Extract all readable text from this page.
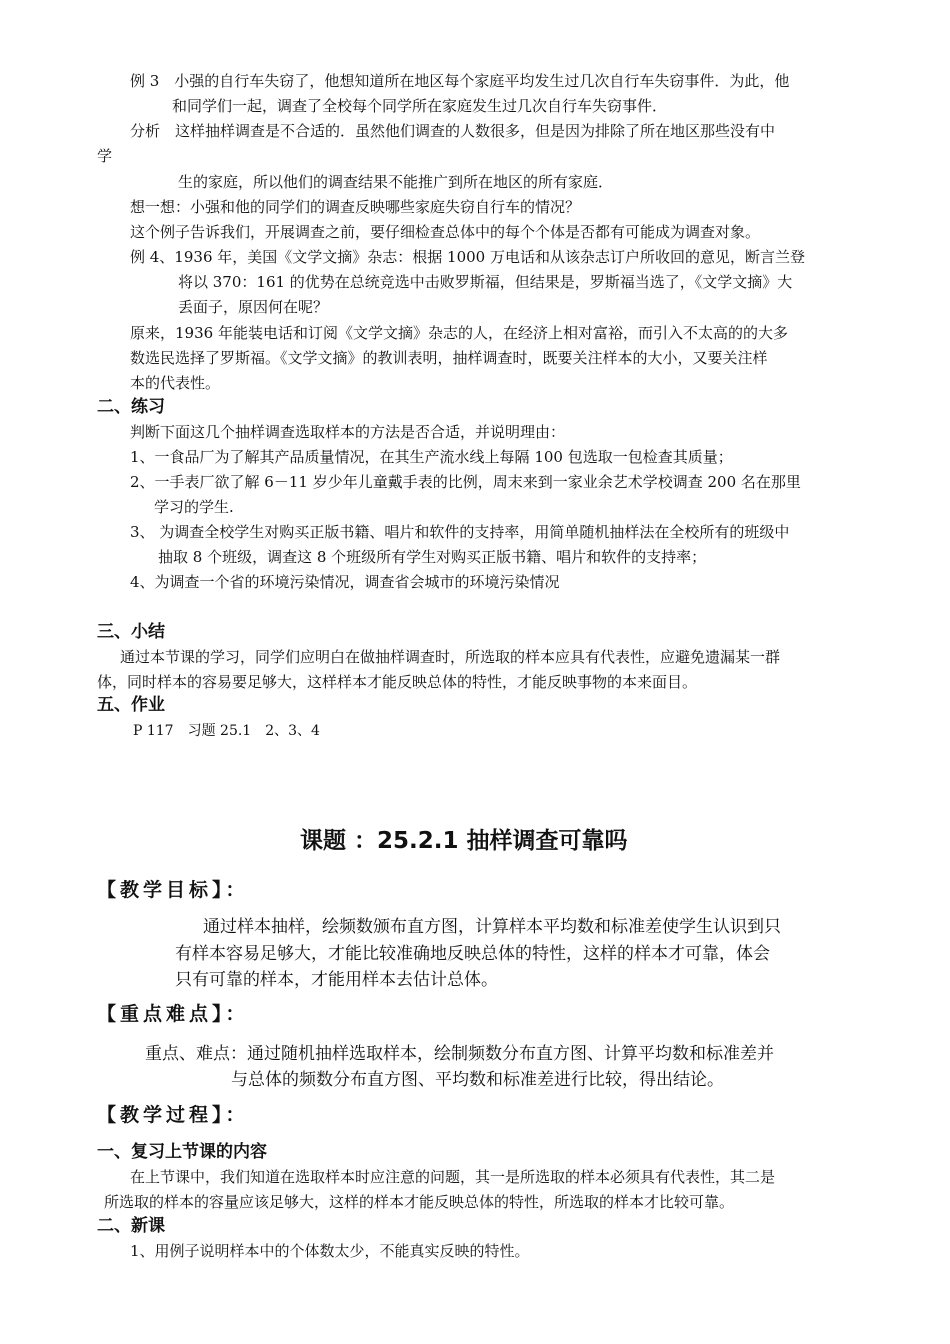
例 3　小强的自行车失窃了，他想知道所在地区每个家庭平均发生过几次自行车失窃事件．为此，他
和同学们一起，调查了全校每个同学所在家庭发生过几次自行车失窃事件．
分析　这样抽样调查是不合适的．虽然他们调查的人数很多，但是因为排除了所在地区那些没有中
学
生的家庭，所以他们的调查结果不能推广到所在地区的所有家庭．
想一想：小强和他的同学们的调查反映哪些家庭失窃自行车的情况？
这个例子告诉我们，开展调查之前，要仔细检查总体中的每个个体是否都有可能成为调查对象。
例 4、1936 年，美国《文学文摘》杂志：根据 1000 万电话和从该杂志订户所收回的意见，断言兰登
将以 370：161 的优势在总统竞选中击败罗斯福，但结果是，罗斯福当选了，《文学文摘》大
丢面子，原因何在呢？
原来，1936 年能装电话和订阅《文学文摘》杂志的人，在经济上相对富裕，而引入不太高的的大多
数选民选择了罗斯福。《文学文摘》的教训表明，抽样调查时，既要关注样本的大小，又要关注样
本的代表性。
二、练习
判断下面这几个抽样调查选取样本的方法是否合适，并说明理由：
1、一食品厂为了解其产品质量情况，在其生产流水线上每隔 100 包选取一包检查其质量；
2、一手表厂欲了解 6－11 岁少年儿童戴手表的比例，周末来到一家业余艺术学校调查 200 名在那里
学习的学生.
3、 为调查全校学生对购买正版书籍、唱片和软件的支持率，用简单随机抽样法在全校所有的班级中
抽取 8 个班级，调查这 8 个班级所有学生对购买正版书籍、唱片和软件的支持率；
4、为调查一个省的环境污染情况，调查省会城市的环境污染情况
三、小结
通过本节课的学习，同学们应明白在做抽样调查时，所选取的样本应具有代表性，应避免遗漏某一群
体，同时样本的容易要足够大，这样样本才能反映总体的特性，才能反映事物的本来面目。
五、作业
P 117　习题 25.1　2、3、4
课题 ：25.2.1 抽样调查可靠吗
【教学目标】：
通过样本抽样，绘频数颁布直方图，计算样本平均数和标准差使学生认识到只
有样本容易足够大，才能比较准确地反映总体的特性，这样的样本才可靠，体会
只有可靠的样本，才能用样本去估计总体。
【重点难点】：
重点、难点：通过随机抽样选取样本，绘制频数分布直方图、计算平均数和标准差并
与总体的频数分布直方图、平均数和标准差进行比较，得出结论。
【教学过程】：
一、复习上节课的内容
在上节课中，我们知道在选取样本时应注意的问题，其一是所选取的样本必须具有代表性，其二是
所选取的样本的容量应该足够大，这样的样本才能反映总体的特性，所选取的样本才比较可靠。
二、新课
1、用例子说明样本中的个体数太少，不能真实反映的特性。
